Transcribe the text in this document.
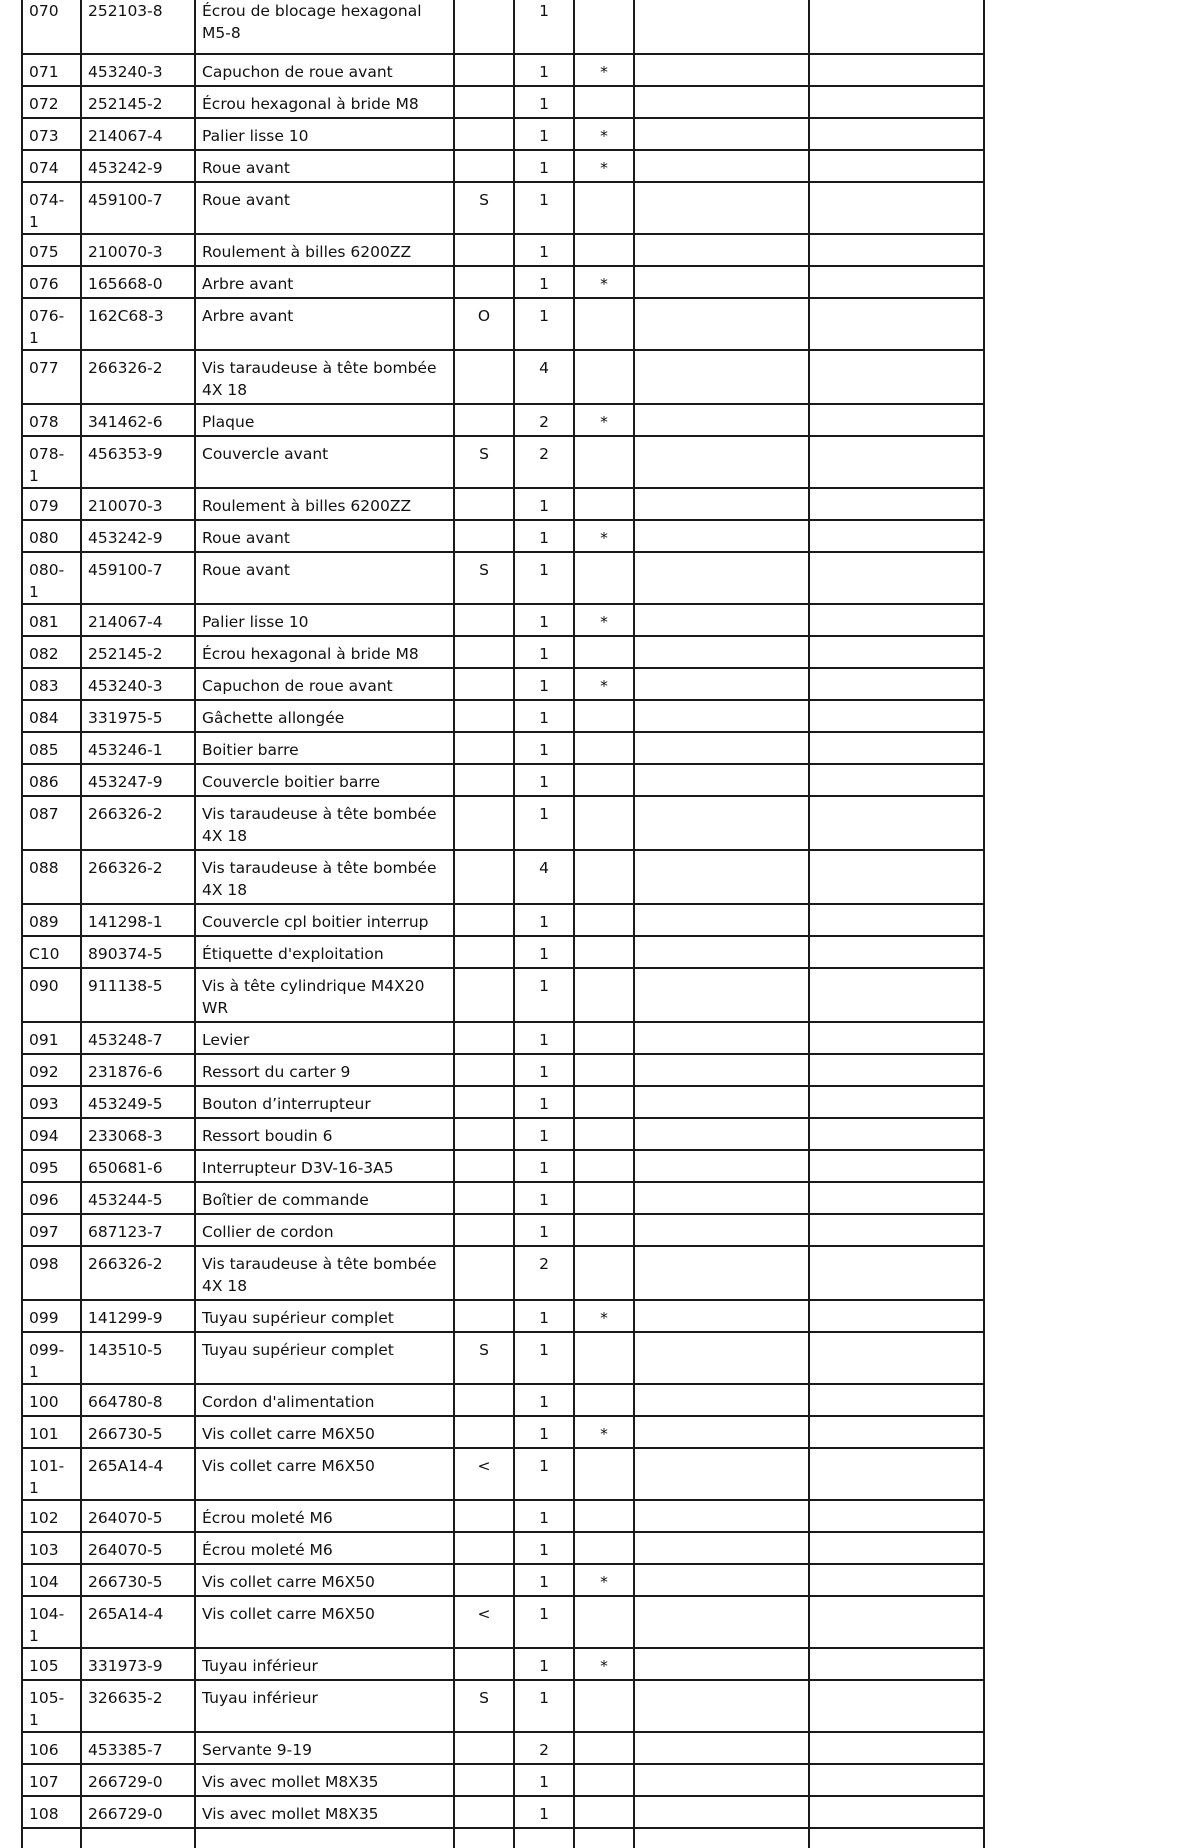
070	252103-8	Écrou de blocage hexagonal M5-8		1			
071	453240-3	Capuchon de roue avant		1	*		
072	252145-2	Écrou hexagonal à bride M8		1			
073	214067-4	Palier lisse 10		1	*		
074	453242-9	Roue avant		1	*		
074-1	459100-7	Roue avant	S	1			
075	210070-3	Roulement à billes 6200ZZ		1			
076	165668-0	Arbre avant		1	*		
076-1	162C68-3	Arbre avant	O	1			
077	266326-2	Vis taraudeuse à tête bombée 4X 18		4			
078	341462-6	Plaque		2	*		
078-1	456353-9	Couvercle avant	S	2			
079	210070-3	Roulement à billes 6200ZZ		1			
080	453242-9	Roue avant		1	*		
080-1	459100-7	Roue avant	S	1			
081	214067-4	Palier lisse 10		1	*		
082	252145-2	Écrou hexagonal à bride M8		1			
083	453240-3	Capuchon de roue avant		1	*		
084	331975-5	Gâchette allongée		1			
085	453246-1	Boitier barre		1			
086	453247-9	Couvercle boitier barre		1			
087	266326-2	Vis taraudeuse à tête bombée 4X 18		1			
088	266326-2	Vis taraudeuse à tête bombée 4X 18		4			
089	141298-1	Couvercle cpl boitier interrup		1			
C10	890374-5	Étiquette d'exploitation		1			
090	911138-5	Vis à tête cylindrique M4X20 WR		1			
091	453248-7	Levier		1			
092	231876-6	Ressort du carter 9		1			
093	453249-5	Bouton d’interrupteur		1			
094	233068-3	Ressort boudin 6		1			
095	650681-6	Interrupteur D3V-16-3A5		1			
096	453244-5	Boîtier de commande		1			
097	687123-7	Collier de cordon		1			
098	266326-2	Vis taraudeuse à tête bombée 4X 18		2			
099	141299-9	Tuyau supérieur complet		1	*		
099-1	143510-5	Tuyau supérieur complet	S	1			
100	664780-8	Cordon d'alimentation		1			
101	266730-5	Vis collet carre M6X50		1	*		
101-1	265A14-4	Vis collet carre M6X50	<	1			
102	264070-5	Écrou moleté M6		1			
103	264070-5	Écrou moleté M6		1			
104	266730-5	Vis collet carre M6X50		1	*		
104-1	265A14-4	Vis collet carre M6X50	<	1			
105	331973-9	Tuyau inférieur		1	*		
105-1	326635-2	Tuyau inférieur	S	1			
106	453385-7	Servante 9-19		2			
107	266729-0	Vis avec mollet M8X35		1			
108	266729-0	Vis avec mollet M8X35		1			
